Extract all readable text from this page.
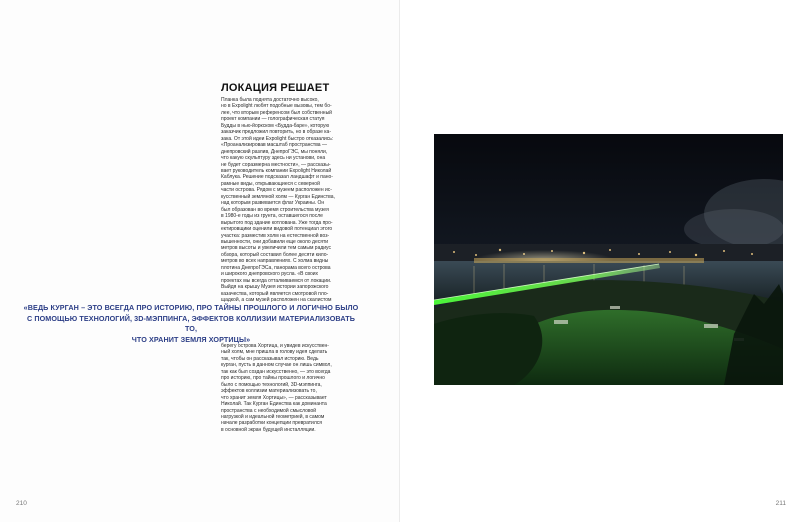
ЛОКАЦИЯ РЕШАЕТ
Планка была поднята достаточно высоко,
но в Expolight любят подобные вызовы, тем бо-
лее, что вторым референсом был собственный
проект компании — голографическая статуя
Будды в нью-йоркском «Будда-баре», которую
заказчик предложил повторить, но в образе ка-
зака. От этой идеи Expolight быстро отказались:
«Проанализировав масштаб пространства —
днепровский разлив, ДнепроГЭС, мы поняли,
что какую скульптуру здесь ни установи, она
не будет соразмерна местности», — рассказы-
вает руководитель компании Expolight Николай
Каблука. Решение подсказал ландшафт и пано-
рамные виды, открывающиеся с северной
части острова. Рядом с музеем расположен ис-
кусственный земляной холм — Курган Единства,
над которым развевается флаг Украины. Он
был образован во время строительства музея
в 1980-е годы из грунта, оставшегося после
вырытого под здание котлована. Уже тогда про-
ектировщики оценили видовой потенциал этого
участка: разместив холм на естественной воз-
вышенности, они добавили еще около десяти
метров высоты и увеличили тем самым радиус
обзора, который составил более десяти кило-
метров во всех направлениях. С холма видны
плотина ДнепроГЭСа, панорама всего острова
и широкого днепровского русла. «В своих
проектах мы всегда отталкиваемся от локации.
Выйдя на крышу Музея истории запорожского
казачества, который является смотровой пло-
щадкой, а сам музей расположен на скалистом
«ВЕДЬ КУРГАН – ЭТО ВСЕГДА ПРО ИСТОРИЮ, ПРО ТАЙНЫ ПРОШЛОГО И ЛОГИЧНО БЫЛО
С ПОМОЩЬЮ ТЕХНОЛОГИЙ, 3D-МЭППИНГА, ЭФФЕКТОВ КОЛЛИЗИИ МАТЕРИАЛИЗОВАТЬ ТО,
ЧТО ХРАНИТ ЗЕМЛЯ ХОРТИЦЫ»
берегу острова Хортица, и увидев искусствен-
ный холм, мне пришла в голову идея сделать
так, чтобы он рассказывал историю. Ведь
курган, пусть в данном случае он лишь символ,
так как был создан искусственно, — это всегда
про историю, про тайны прошлого и логично
было с помощью технологий, 3D-мэппинга,
эффектов коллизии материализовать то,
что хранит земля Хортицы», — рассказывает
Николай. Так Курган Единства как доминанта
пространства с необходимой смысловой
нагрузкой и идеальной геометрией, в самом
начале разработки концепции превратился
в основной экран будущей инсталляции.
210	211
